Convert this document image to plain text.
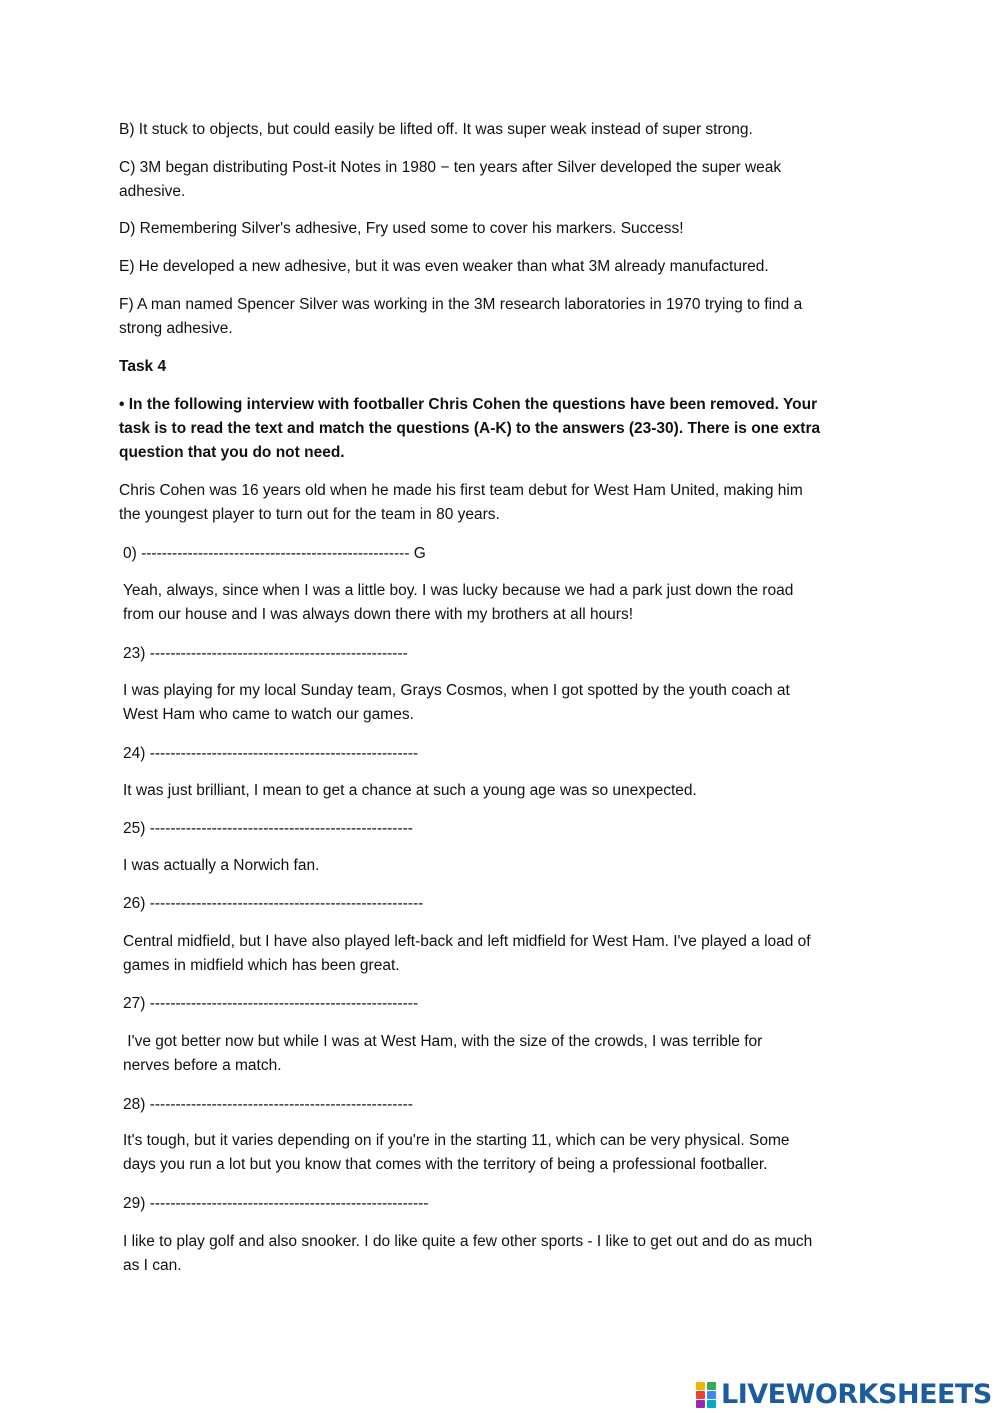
B) It stuck to objects, but could easily be lifted off. It was super weak instead of super strong.
C) 3M began distributing Post-it Notes in 1980 − ten years after Silver developed the super weak
adhesive.
D) Remembering Silver's adhesive, Fry used some to cover his markers. Success!
E) He developed a new adhesive, but it was even weaker than what 3M already manufactured.
F) A man named Spencer Silver was working in the 3M research laboratories in 1970 trying to find a
strong adhesive.
Task 4
• In the following interview with footballer Chris Cohen the questions have been removed. Your
task is to read the text and match the questions (A-K) to the answers (23-30). There is one extra
question that you do not need.
Chris Cohen was 16 years old when he made his first team debut for West Ham United, making him
the youngest player to turn out for the team in 80 years.
0) ---------------------------------------------------- G
Yeah, always, since when I was a little boy. I was lucky because we had a park just down the road
from our house and I was always down there with my brothers at all hours!
23) --------------------------------------------------
I was playing for my local Sunday team, Grays Cosmos, when I got spotted by the youth coach at
West Ham who came to watch our games.
24) ----------------------------------------------------
It was just brilliant, I mean to get a chance at such a young age was so unexpected.
25) ---------------------------------------------------
I was actually a Norwich fan.
26) -----------------------------------------------------
Central midfield, but I have also played left-back and left midfield for West Ham. I've played a load of
games in midfield which has been great.
27) ----------------------------------------------------
I've got better now but while I was at West Ham, with the size of the crowds, I was terrible for
nerves before a match.
28) ---------------------------------------------------
It's tough, but it varies depending on if you're in the starting 11, which can be very physical. Some
days you run a lot but you know that comes with the territory of being a professional footballer.
29) ------------------------------------------------------
I like to play golf and also snooker. I do like quite a few other sports - I like to get out and do as much
as I can.
LIVEWORKSHEETS
